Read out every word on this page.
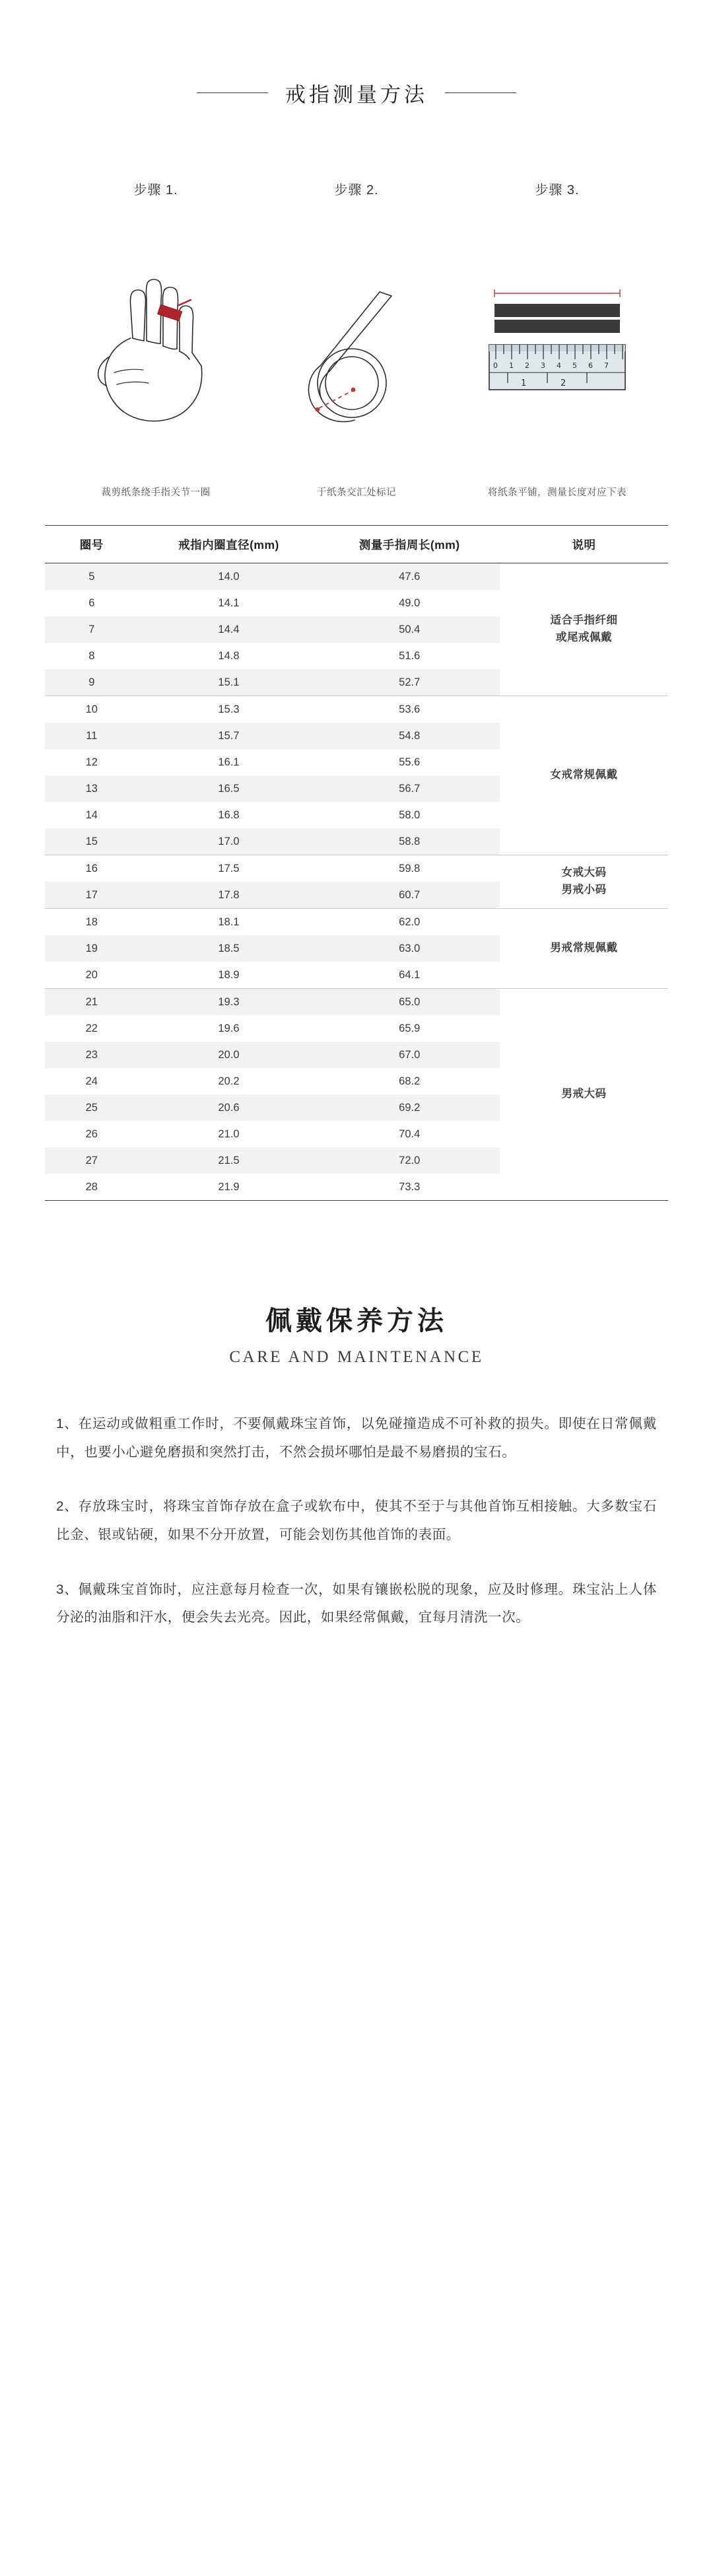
戒指测量方法
步骤 1.
裁剪纸条绕手指关节一圈
步骤 2.
于纸条交汇处标记
步骤 3.
0 1 2 3 4 5 6 7
1	2
将纸条平铺，测量长度对应下表
圈号	戒指内圈直径(mm)	测量手指周长(mm)	说明
5	14.0	47.6	适合手指纤细
或尾戒佩戴
6	14.1	49.0	
7	14.4	50.4	
8	14.8	51.6	
9	15.1	52.7	
10	15.3	53.6	女戒常规佩戴
11	15.7	54.8	
12	16.1	55.6	
13	16.5	56.7	
14	16.8	58.0	
15	17.0	58.8	
16	17.5	59.8	女戒大码
男戒小码
17	17.8	60.7	
18	18.1	62.0	男戒常规佩戴
19	18.5	63.0	
20	18.9	64.1	
21	19.3	65.0	男戒大码
22	19.6	65.9	
23	20.0	67.0	
24	20.2	68.2	
25	20.6	69.2	
26	21.0	70.4	
27	21.5	72.0	
28	21.9	73.3	
佩戴保养方法
CARE AND MAINTENANCE
1、在运动或做粗重工作时，不要佩戴珠宝首饰，以免碰撞造成不可补救的损失。即使在日常佩戴中，也要小心避免磨损和突然打击，不然会损坏哪怕是最不易磨损的宝石。
2、存放珠宝时，将珠宝首饰存放在盒子或软布中，使其不至于与其他首饰互相接触。大多数宝石比金、银或钻硬，如果不分开放置，可能会划伤其他首饰的表面。
3、佩戴珠宝首饰时，应注意每月检查一次，如果有镶嵌松脱的现象，应及时修理。珠宝沾上人体分泌的油脂和汗水，便会失去光亮。因此，如果经常佩戴，宜每月清洗一次。
